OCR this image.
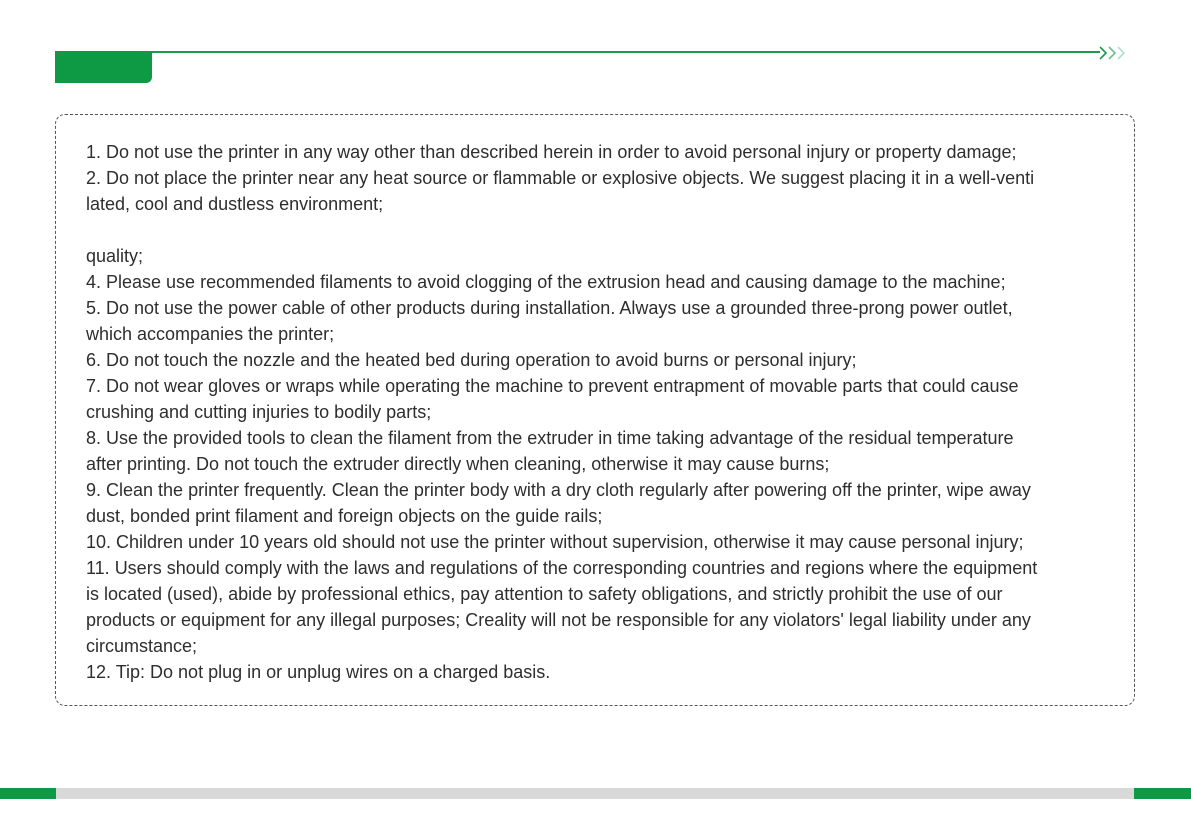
1. Do not use the printer in any way other than described herein in order to avoid personal injury or property damage;

2. Do not place the printer near any heat source or flammable or explosive objects. We suggest placing it in a well-venti
lated, cool and dustless environment;

quality;

4. Please use recommended filaments to avoid clogging of the extrusion head and causing damage to the machine;

5. Do not use the power cable of other products during installation. Always use a grounded three-prong power outlet,
which accompanies the printer;

6. Do not touch the nozzle and the heated bed during operation to avoid burns or personal injury;

7. Do not wear gloves or wraps while operating the machine to prevent entrapment of movable parts that could cause
crushing and cutting injuries to bodily parts;

8. Use the provided tools to clean the filament from the extruder in time taking advantage of the residual temperature
after printing. Do not touch the extruder directly when cleaning, otherwise it may cause burns;

9. Clean the printer frequently. Clean the printer body with a dry cloth regularly after powering off the printer, wipe away
dust, bonded print filament and foreign objects on the guide rails;

10. Children under 10 years old should not use the printer without supervision, otherwise it may cause personal injury;

11. Users should comply with the laws and regulations of the corresponding countries and regions where the equipment
is located (used), abide by professional ethics, pay attention to safety obligations, and strictly prohibit the use of our
products or equipment for any illegal purposes; Creality will not be responsible for any violators' legal liability under any
circumstance;

12. Tip: Do not plug in or unplug wires on a charged basis.
